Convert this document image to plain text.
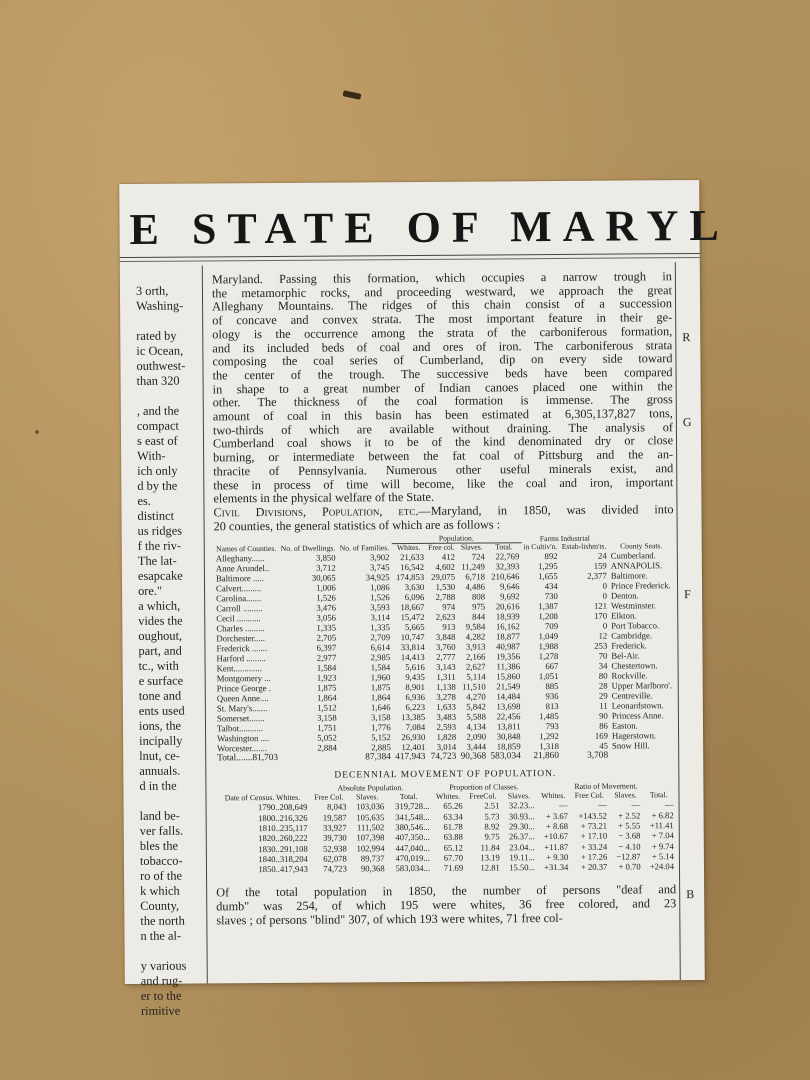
E STATE OF MARYL
3 orth,
Washing-
rated by
ic Ocean,
outhwest-
than 320
, and the
compact
s east of
With-
ich only
d by the
es.
distinct
us ridges
f the riv-
The lat-
esapcake
ore."
a which,
vides the
oughout,
part, and
tc., with
e surface
tone and
ents used
ions, the
incipally
lnut, ce-
annuals.
d in the
land be-
ver falls.
bles the
tobacco-
ro of the
k which
County,
the north
n the al-
y various
and rug-
er to the
rimitive
R
G
F
B
Maryland. Passing this formation, which occupies a narrow trough in
the metamorphic rocks, and proceeding westward, we approach the great
Alleghany Mountains. The ridges of this chain consist of a succession
of concave and convex strata. The most important feature in their ge-
ology is the occurrence among the strata of the carboniferous formation,
and its included beds of coal and ores of iron. The carboniferous strata
composing the coal series of Cumberland, dip on every side toward
the center of the trough. The successive beds have been compared
in shape to a great number of Indian canoes placed one within the
other. The thickness of the coal formation is immense. The gross
amount of coal in this basin has been estimated at 6,305,137,827 tons,
two-thirds of which are available without draining. The analysis of
Cumberland coal shows it to be of the kind denominated dry or close
burning, or intermediate between the fat coal of Pittsburg and the an-
thracite of Pennsylvania. Numerous other useful minerals exist, and
these in process of time will become, like the coal and iron, important
elements in the physical welfare of the State.
Civil Divisions, Population, etc.—Maryland, in 1850, was divided into
20 counties, the general statistics of which are as follows :
			Population.				Farms Industrial		
Names of Counties.	No. of Dwellings.	No. of Families.	Whites.	Free col.	Slaves.	Total.	in Cultiv'n.	Estab-lishm'ts.	County Seats.
Alleghany......	3,850	3,902	21,633	412	724	22,769	892	24	Cumberland.
Anne Arundel..	3,712	3,745	16,542	4,602	11,249	32,393	1,295	159	ANNAPOLIS.
Baltimore .....	30,065	34,925	174,853	29,075	6,718	210,646	1,655	2,377	Baltimore.
Calvert.........	1,006	1,086	3,630	1,530	4,486	9,646	434	0	Prince Frederick.
Carolina.......	1,526	1,526	6,096	2,788	808	9,692	730	0	Denton.
Carroll .........	3,476	3,593	18,667	974	975	20,616	1,387	121	Westminster.
Cecil ...........	3,056	3,114	15,472	2,623	844	18,939	1,208	170	Elkton.
Charles .........	1,335	1,335	5,665	913	9,584	16,162	709	0	Port Tobacco.
Dorchester.....	2,705	2,709	10,747	3,848	4,282	18,877	1,049	12	Cambridge.
Frederick .......	6,397	6,614	33,814	3,760	3,913	40,987	1,988	253	Frederick.
Harford .........	2,977	2,985	14,413	2,777	2,166	19,356	1,278	70	Bel-Air.
Kent.............	1,584	1,584	5,616	3,143	2,627	11,386	667	34	Chestertown.
Montgomery ...	1,923	1,960	9,435	1,311	5,114	15,860	1,051	80	Rockville.
Prince George .	1,875	1,875	8,901	1,138	11,510	21,549	885	28	Upper Marlboro'.
Queen Anne....	1,864	1,864	6,936	3,278	4,270	14,484	936	29	Centreville.
St. Mary's.......	1,512	1,646	6,223	1,633	5,842	13,698	813	11	Leonardstown.
Somerset.......	3,158	3,158	13,385	3,483	5,588	22,456	1,485	90	Princess Anne.
Talbot...........	1,751	1,776	7,084	2,593	4,134	13,811	793	86	Easton.
Washington ....	5,052	5,152	26,930	1,828	2,090	30,848	1,292	169	Hagerstown.
Worcester.......	2,884	2,885	12,401	3,014	3,444	18,859	1,318	45	Snow Hill.
Total.......81,703		87,384	417,943	74,723	90,368	583,034	21,860	3,708	
DECENNIAL MOVEMENT OF POPULATION.
	Absolute Population.			Proportion of Classes.			Ratio of Movement.			
Date of Census. Whites.	Free Col.	Slaves.	Total.	Whites.	FreeCol.	Slaves.	Whites.	Free Col.	Slaves.	Total.
1790..208,649	8,043	103,036	319,728...	65.26	2.51	32.23...	—	—	—	—
1800..216,326	19,587	105,635	341,548...	63.34	5.73	30.93...	+ 3.67	+143.52	+ 2.52	+ 6.82
1810..235,117	33,927	111,502	380,546...	61.78	8.92	29.30...	+ 8.68	+ 73.21	+ 5.55	+11.41
1820..260,222	39,730	107,398	407,350...	63.88	9.75	26.37...	+10.67	+ 17.10	− 3.68	+ 7.04
1830..291,108	52,938	102,994	447,040...	65.12	11.84	23.04...	+11.87	+ 33.24	− 4.10	+ 9.74
1840..318,204	62,078	89,737	470,019...	67.70	13.19	19.11...	+ 9.30	+ 17.26	−12.87	+ 5.14
1850..417,943	74,723	90,368	583,034...	71.69	12.81	15.50...	+31.34	+ 20.37	+ 0.70	+24.04
Of the total population in 1850, the number of persons "deaf and
dumb" was 254, of which 195 were whites, 36 free colored, and 23
slaves ; of persons "blind" 307, of which 193 were whites, 71 free col-
